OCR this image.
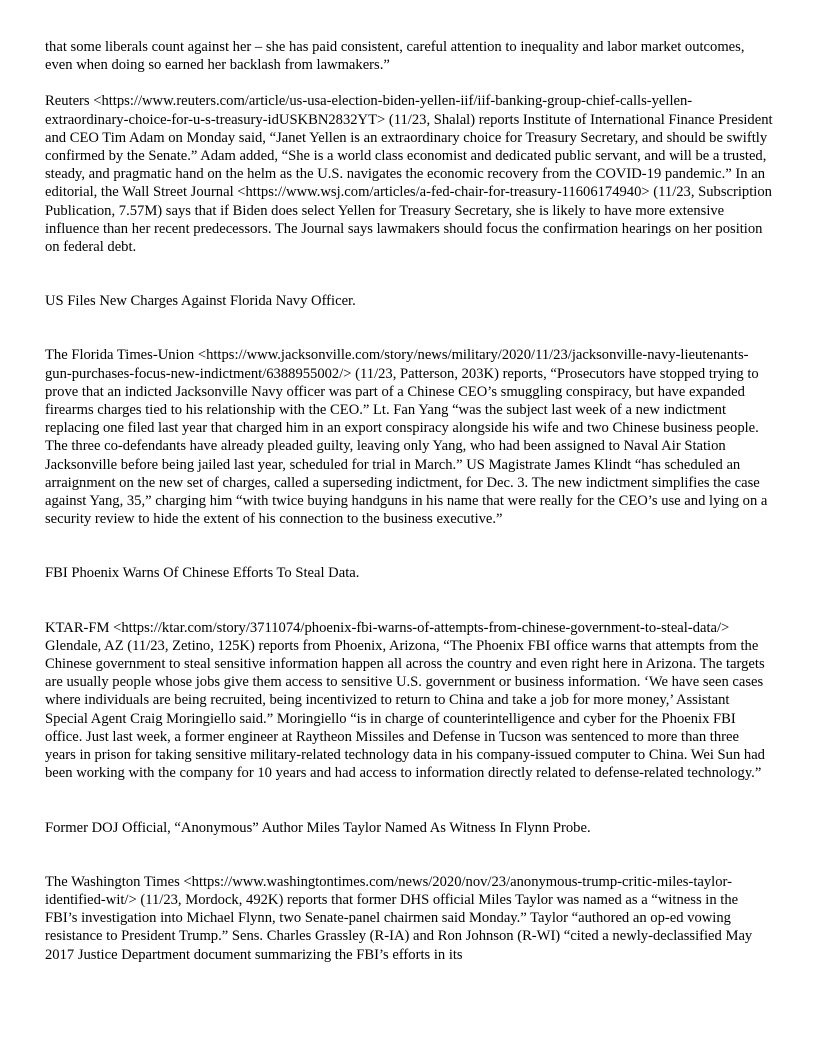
that some liberals count against her – she has paid consistent, careful attention to inequality and labor market outcomes, even when doing so earned her backlash from lawmakers.”

Reuters <https://www.reuters.com/article/us-usa-election-biden-yellen-iif/iif-banking-group-chief-calls-yellen-extraordinary-choice-for-u-s-treasury-idUSKBN2832YT> (11/23, Shalal) reports Institute of International Finance President and CEO Tim Adam on Monday said, “Janet Yellen is an extraordinary choice for Treasury Secretary, and should be swiftly confirmed by the Senate.” Adam added, “She is a world class economist and dedicated public servant, and will be a trusted, steady, and pragmatic hand on the helm as the U.S. navigates the economic recovery from the COVID-19 pandemic.” In an editorial, the Wall Street Journal <https://www.wsj.com/articles/a-fed-chair-for-treasury-11606174940> (11/23, Subscription Publication, 7.57M) says that if Biden does select Yellen for Treasury Secretary, she is likely to have more extensive influence than her recent predecessors. The Journal says lawmakers should focus the confirmation hearings on her position on federal debt.

US Files New Charges Against Florida Navy Officer.

The Florida Times-Union <https://www.jacksonville.com/story/news/military/2020/11/23/jacksonville-navy-lieutenants-gun-purchases-focus-new-indictment/6388955002/> (11/23, Patterson, 203K) reports, “Prosecutors have stopped trying to prove that an indicted Jacksonville Navy officer was part of a Chinese CEO’s smuggling conspiracy, but have expanded firearms charges tied to his relationship with the CEO.” Lt. Fan Yang “was the subject last week of a new indictment replacing one filed last year that charged him in an export conspiracy alongside his wife and two Chinese business people. The three co-defendants have already pleaded guilty, leaving only Yang, who had been assigned to Naval Air Station Jacksonville before being jailed last year, scheduled for trial in March.” US Magistrate James Klindt “has scheduled an arraignment on the new set of charges, called a superseding indictment, for Dec. 3. The new indictment simplifies the case against Yang, 35,” charging him “with twice buying handguns in his name that were really for the CEO’s use and lying on a security review to hide the extent of his connection to the business executive.”

FBI Phoenix Warns Of Chinese Efforts To Steal Data.

KTAR-FM <https://ktar.com/story/3711074/phoenix-fbi-warns-of-attempts-from-chinese-government-to-steal-data/> Glendale, AZ (11/23, Zetino, 125K) reports from Phoenix, Arizona, “The Phoenix FBI office warns that attempts from the Chinese government to steal sensitive information happen all across the country and even right here in Arizona. The targets are usually people whose jobs give them access to sensitive U.S. government or business information. ‘We have seen cases where individuals are being recruited, being incentivized to return to China and take a job for more money,’ Assistant Special Agent Craig Moringiello said.” Moringiello “is in charge of counterintelligence and cyber for the Phoenix FBI office. Just last week, a former engineer at Raytheon Missiles and Defense in Tucson was sentenced to more than three years in prison for taking sensitive military-related technology data in his company-issued computer to China. Wei Sun had been working with the company for 10 years and had access to information directly related to defense-related technology.”

Former DOJ Official, “Anonymous” Author Miles Taylor Named As Witness In Flynn Probe.

The Washington Times <https://www.washingtontimes.com/news/2020/nov/23/anonymous-trump-critic-miles-taylor-identified-wit/> (11/23, Mordock, 492K) reports that former DHS official Miles Taylor was named as a “witness in the FBI’s investigation into Michael Flynn, two Senate-panel chairmen said Monday.” Taylor “authored an op-ed vowing resistance to President Trump.” Sens. Charles Grassley (R-IA) and Ron Johnson (R-WI) “cited a newly-declassified May 2017 Justice Department document summarizing the FBI’s efforts in its
